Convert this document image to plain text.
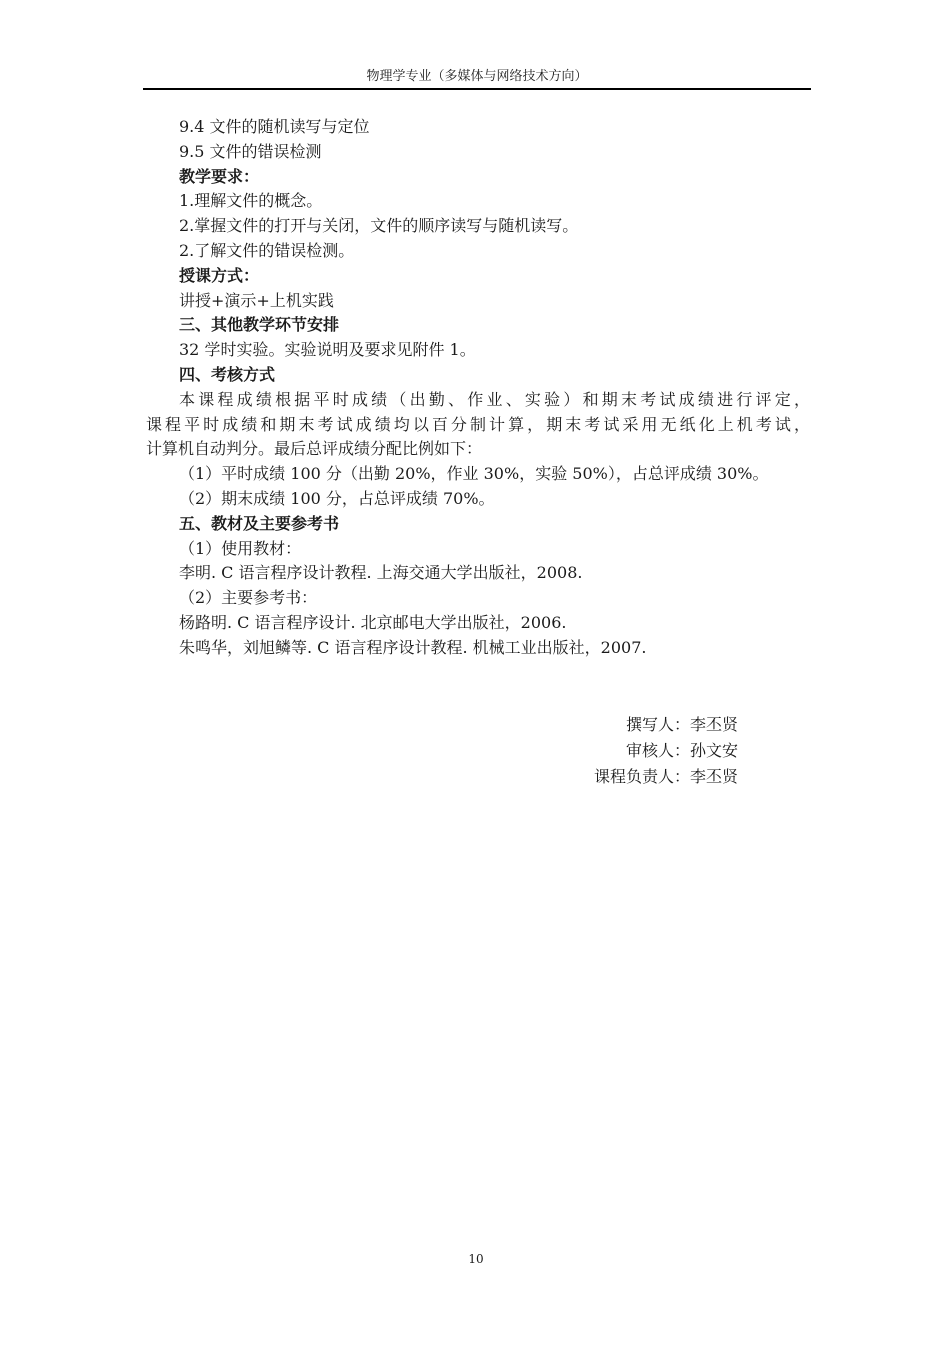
物理学专业（多媒体与网络技术方向）
9.4 文件的随机读写与定位
9.5 文件的错误检测
教学要求：
1.理解文件的概念。
2.掌握文件的打开与关闭，文件的顺序读写与随机读写。
2.了解文件的错误检测。
授课方式：
讲授+演示+上机实践
三、其他教学环节安排
32 学时实验。实验说明及要求见附件 1。
四、考核方式
本课程成绩根据平时成绩（出勤、作业、实验）和期末考试成绩进行评定，
课程平时成绩和期末考试成绩均以百分制计算，期末考试采用无纸化上机考试，
计算机自动判分。最后总评成绩分配比例如下：
（1）平时成绩 100 分（出勤 20%，作业 30%，实验 50%），占总评成绩 30%。
（2）期末成绩 100 分，占总评成绩 70%。
五、教材及主要参考书
（1）使用教材：
李明. C 语言程序设计教程. 上海交通大学出版社，2008.
（2）主要参考书：
杨路明. C 语言程序设计. 北京邮电大学出版社，2006.
朱鸣华，刘旭鳞等. C 语言程序设计教程. 机械工业出版社，2007.
撰写人：李丕贤
审核人：孙文安
课程负责人：李丕贤
10
